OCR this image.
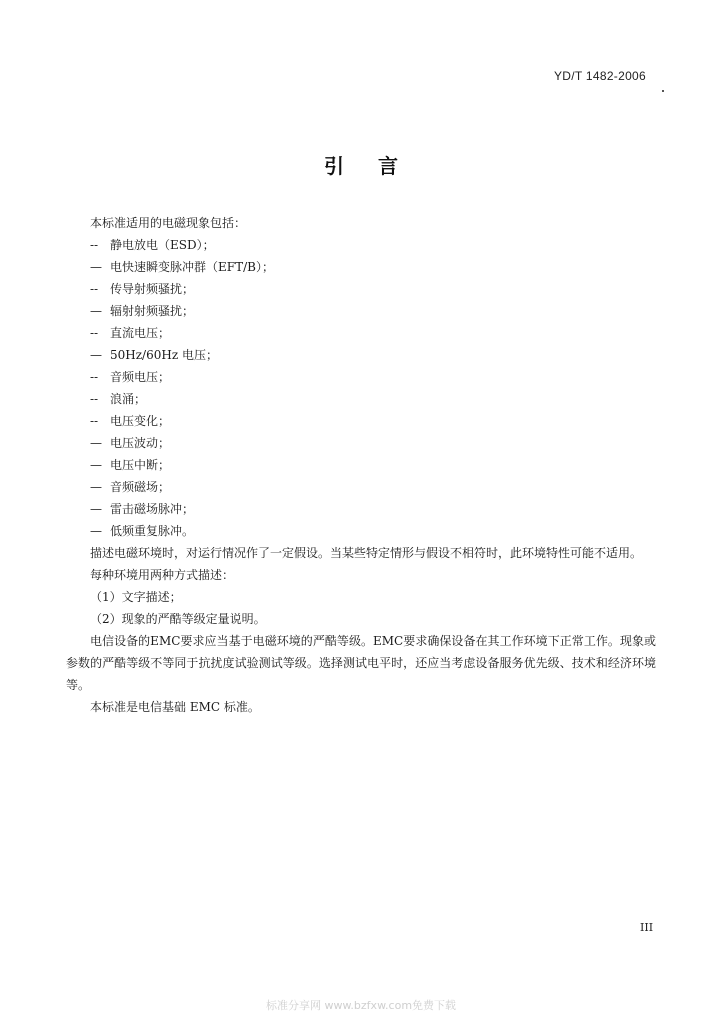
YD/T 1482-2006
引言
本标准适用的电磁现象包括：
-- 静电放电（ESD）；
— 电快速瞬变脉冲群（EFT/B）；
-- 传导射频骚扰；
— 辐射射频骚扰；
-- 直流电压；
— 50Hz/60Hz 电压；
-- 音频电压；
-- 浪涌；
-- 电压变化；
— 电压波动；
— 电压中断；
— 音频磁场；
— 雷击磁场脉冲；
— 低频重复脉冲。
描述电磁环境时，对运行情况作了一定假设。当某些特定情形与假设不相符时，此环境特性可能不适用。
每种环境用两种方式描述：
（1）文字描述；
（2）现象的严酷等级定量说明。
电信设备的EMC要求应当基于电磁环境的严酷等级。EMC要求确保设备在其工作环境下正常工作。现象或参数的严酷等级不等同于抗扰度试验测试等级。选择测试电平时，还应当考虑设备服务优先级、技术和经济环境等。
本标准是电信基础 EMC 标准。
III
标准分享网 www.bzfxw.com免费下载
